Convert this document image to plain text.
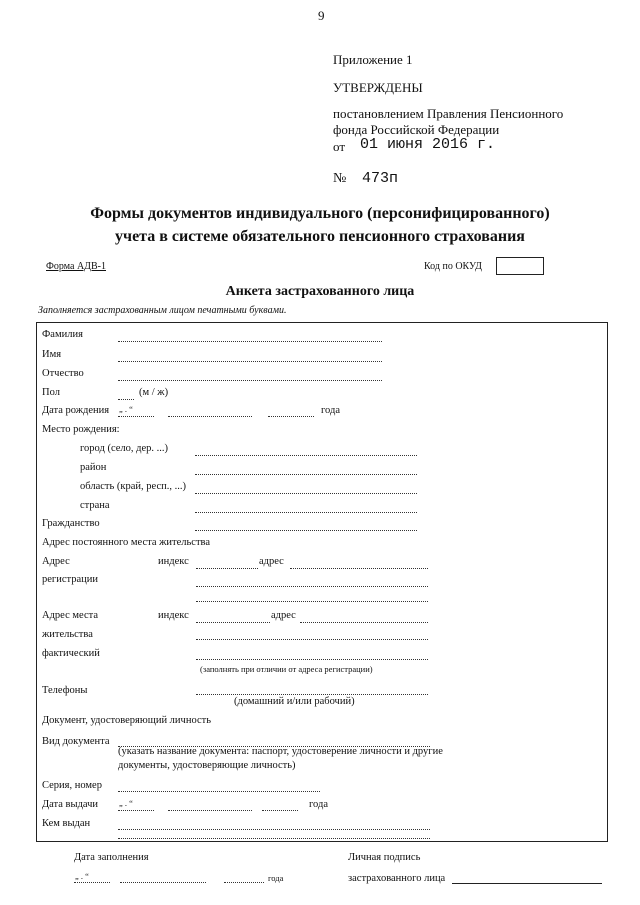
9
Приложение 1
УТВЕРЖДЕНЫ
постановлением Правления Пенсионного
фонда Российской Федерации
от 01 июня 2016 г.
№ 473п
Формы документов индивидуального (персонифицированного)
учета в системе обязательного пенсионного страхования
Форма АДВ-1	Код по ОКУД
Анкета застрахованного лица
Заполняется застрахованным лицом печатными буквами.
Фамилия
Имя
Отчество
Пол	(м / ж)
Дата рождения „ . “	года
Место рождения:
город (село, дер. ...)
район
область (край, респ., ...)
страна
Гражданство
Адрес постоянного места жительства
Адрес
регистрации
индекс	адрес
Адрес места
жительства
фактический
индекс	адрес
(заполнять при отличии от адреса регистрации)
Телефоны
(домашний и/или рабочий)
Документ, удостоверяющий личность
Вид документа
(указать название документа: паспорт, удостоверение личности и другие
документы, удостоверяющие личность)
Серия, номер
Дата выдачи „ . “	года
Кем выдан
Дата заполнения
„ . “	года
Личная подпись
застрахованного лица
